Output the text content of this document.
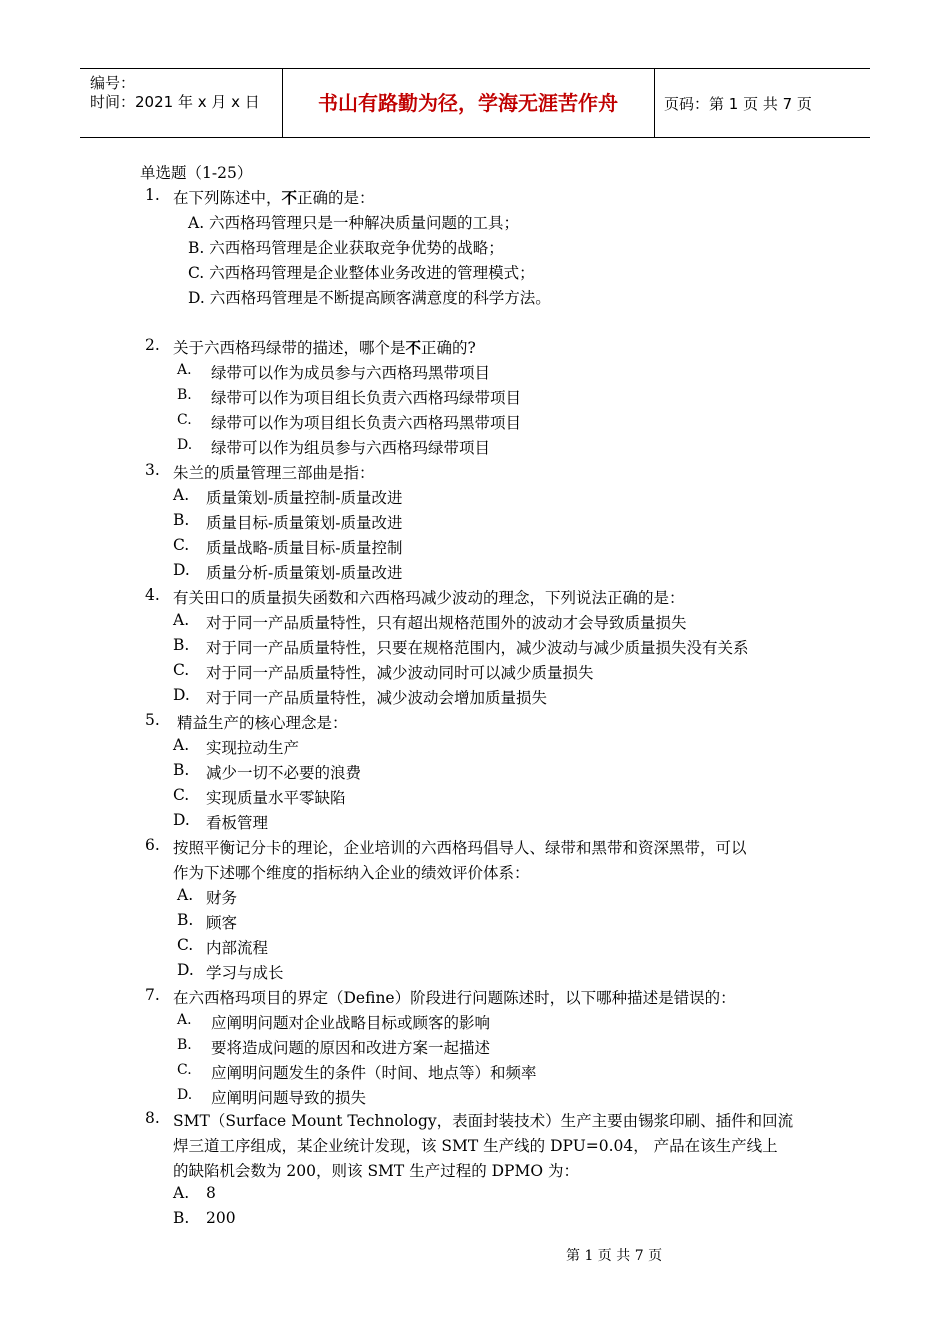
编号：
时间：2021 年 x 月 x 日	书山有路勤为径，学海无涯苦作舟	页码：第 1 页 共 7 页
单选题（1-25）
1. 在下列陈述中，不正确的是：
A. 六西格玛管理只是一种解决质量问题的工具；
B. 六西格玛管理是企业获取竞争优势的战略；
C. 六西格玛管理是企业整体业务改进的管理模式；
D. 六西格玛管理是不断提高顾客满意度的科学方法。
2. 关于六西格玛绿带的描述，哪个是不正确的?
A. 绿带可以作为成员参与六西格玛黑带项目
B. 绿带可以作为项目组长负责六西格玛绿带项目
C. 绿带可以作为项目组长负责六西格玛黑带项目
D. 绿带可以作为组员参与六西格玛绿带项目
3. 朱兰的质量管理三部曲是指：
A. 质量策划-质量控制-质量改进
B. 质量目标-质量策划-质量改进
C. 质量战略-质量目标-质量控制
D. 质量分析-质量策划-质量改进
4. 有关田口的质量损失函数和六西格玛减少波动的理念，下列说法正确的是：
A. 对于同一产品质量特性，只有超出规格范围外的波动才会导致质量损失
B. 对于同一产品质量特性，只要在规格范围内，减少波动与减少质量损失没有关系
C. 对于同一产品质量特性，减少波动同时可以减少质量损失
D. 对于同一产品质量特性，减少波动会增加质量损失
5. 精益生产的核心理念是：
A. 实现拉动生产
B. 减少一切不必要的浪费
C. 实现质量水平零缺陷
D. 看板管理
6. 按照平衡记分卡的理论，企业培训的六西格玛倡导人、绿带和黑带和资深黑带，可以
作为下述哪个维度的指标纳入企业的绩效评价体系：
A. 财务
B. 顾客
C. 内部流程
D. 学习与成长
7. 在六西格玛项目的界定（Define）阶段进行问题陈述时，以下哪种描述是错误的：
A. 应阐明问题对企业战略目标或顾客的影响
B. 要将造成问题的原因和改进方案一起描述
C. 应阐明问题发生的条件（时间、地点等）和频率
D. 应阐明问题导致的损失
8. SMT（Surface Mount Technology，表面封装技术）生产主要由锡浆印刷、插件和回流
焊三道工序组成，某企业统计发现，该 SMT 生产线的 DPU=0.04， 产品在该生产线上
的缺陷机会数为 200，则该 SMT 生产过程的 DPMO 为：
A. 8
B. 200
第 1 页 共 7 页
